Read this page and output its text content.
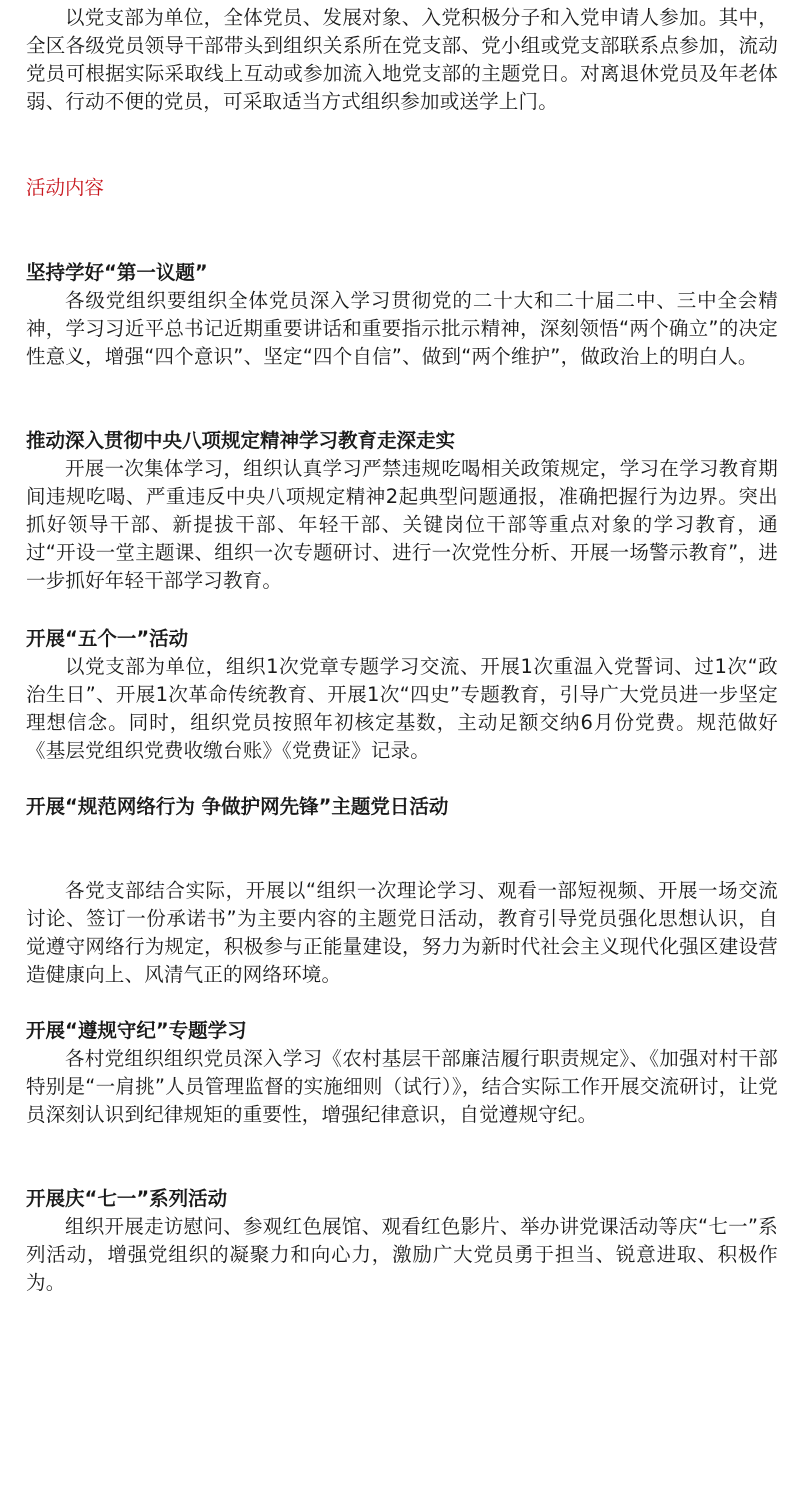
以党支部为单位，全体党员、发展对象、入党积极分子和入党申请人参加。其中，全区各级党员领导干部带头到组织关系所在党支部、党小组或党支部联系点参加，流动党员可根据实际采取线上互动或参加流入地党支部的主题党日。对离退休党员及年老体弱、行动不便的党员，可采取适当方式组织参加或送学上门。

活动内容

坚持学好“第一议题”

各级党组织要组织全体党员深入学习贯彻党的二十大和二十届二中、三中全会精神，学习习近平总书记近期重要讲话和重要指示批示精神，深刻领悟“两个确立”的决定性意义，增强“四个意识”、坚定“四个自信”、做到“两个维护”，做政治上的明白人。

推动深入贯彻中央八项规定精神学习教育走深走实

开展一次集体学习，组织认真学习严禁违规吃喝相关政策规定，学习在学习教育期间违规吃喝、严重违反中央八项规定精神2起典型问题通报，准确把握行为边界。突出抓好领导干部、新提拔干部、年轻干部、关键岗位干部等重点对象的学习教育，通过“开设一堂主题课、组织一次专题研讨、进行一次党性分析、开展一场警示教育”，进一步抓好年轻干部学习教育。

开展“五个一”活动

以党支部为单位，组织1次党章专题学习交流、开展1次重温入党誓词、过1次“政治生日”、开展1次革命传统教育、开展1次“四史”专题教育，引导广大党员进一步坚定理想信念。同时，组织党员按照年初核定基数，主动足额交纳6月份党费。规范做好《基层党组织党费收缴台账》《党费证》记录。

开展“规范网络行为 争做护网先锋”主题党日活动

各党支部结合实际，开展以“组织一次理论学习、观看一部短视频、开展一场交流讨论、签订一份承诺书”为主要内容的主题党日活动，教育引导党员强化思想认识，自觉遵守网络行为规定，积极参与正能量建设，努力为新时代社会主义现代化强区建设营造健康向上、风清气正的网络环境。

开展“遵规守纪”专题学习

各村党组织组织党员深入学习《农村基层干部廉洁履行职责规定》、《加强对村干部特别是“一肩挑”人员管理监督的实施细则（试行）》，结合实际工作开展交流研讨，让党员深刻认识到纪律规矩的重要性，增强纪律意识，自觉遵规守纪。

开展庆“七一”系列活动

组织开展走访慰问、参观红色展馆、观看红色影片、举办讲党课活动等庆“七一”系列活动，增强党组织的凝聚力和向心力，激励广大党员勇于担当、锐意进取、积极作为。
